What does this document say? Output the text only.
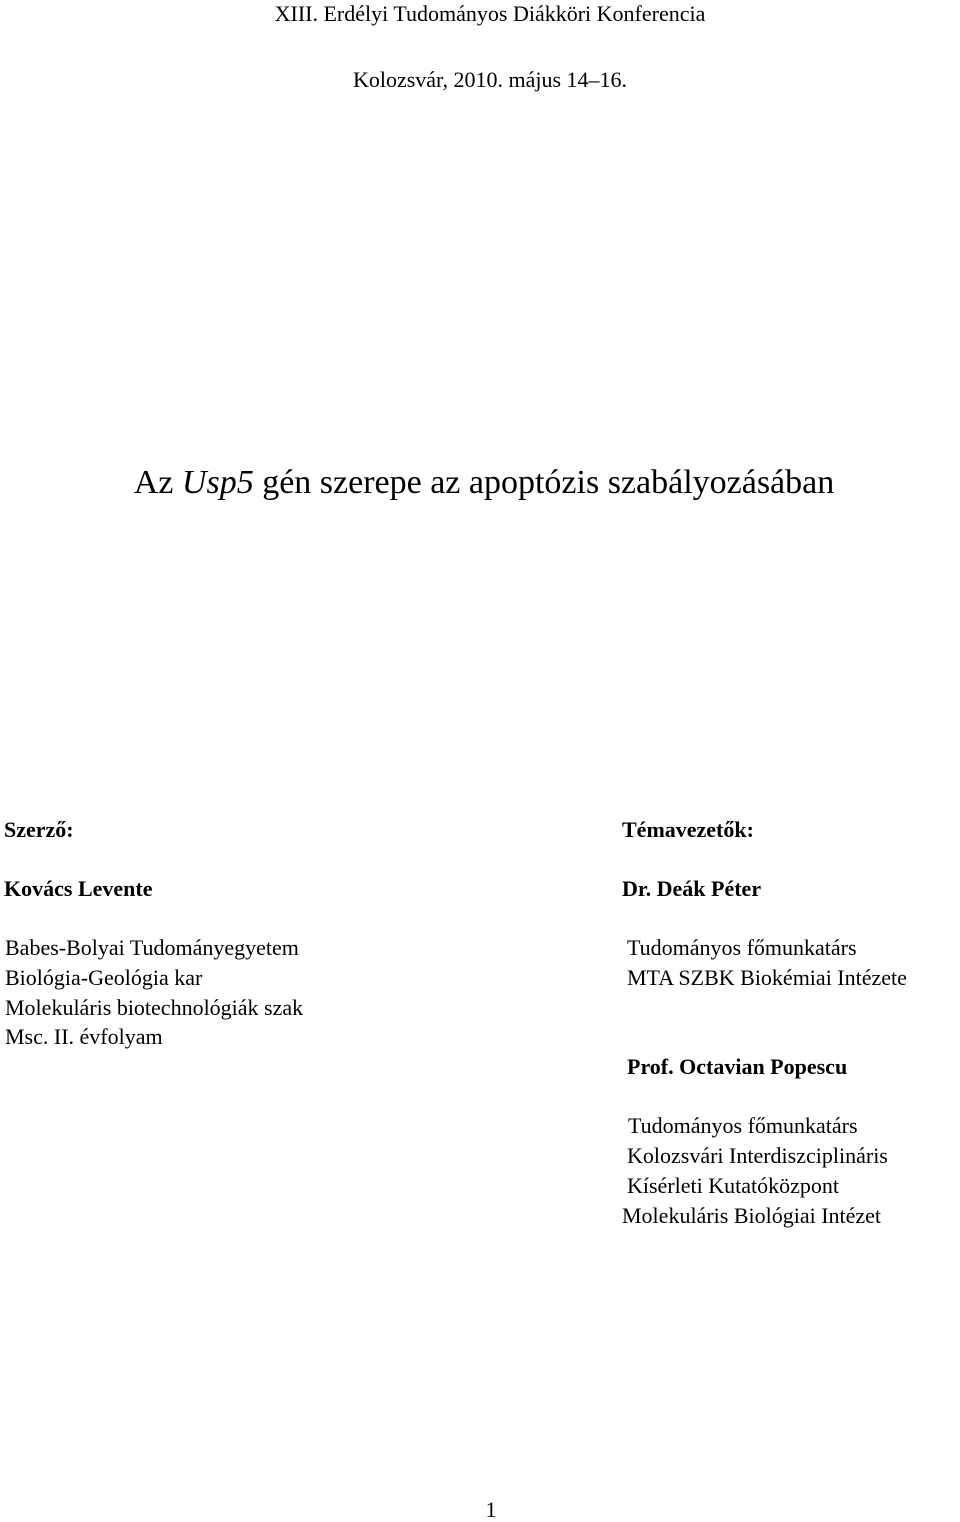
XIII. Erdélyi Tudományos Diákköri Konferencia
Kolozsvár, 2010. május 14–16.
Az Usp5 gén szerepe az apoptózis szabályozásában
Szerző:
Kovács Levente
Babes-Bolyai Tudományegyetem
Biológia-Geológia kar
Molekuláris biotechnológiák szak
Msc. II. évfolyam
Témavezetők:
Dr. Deák Péter
Tudományos főmunkatárs
MTA SZBK Biokémiai Intézete
Prof. Octavian Popescu
Tudományos főmunkatárs
Kolozsvári Interdiszciplináris
Kísérleti Kutatóközpont
Molekuláris Biológiai Intézet
1
